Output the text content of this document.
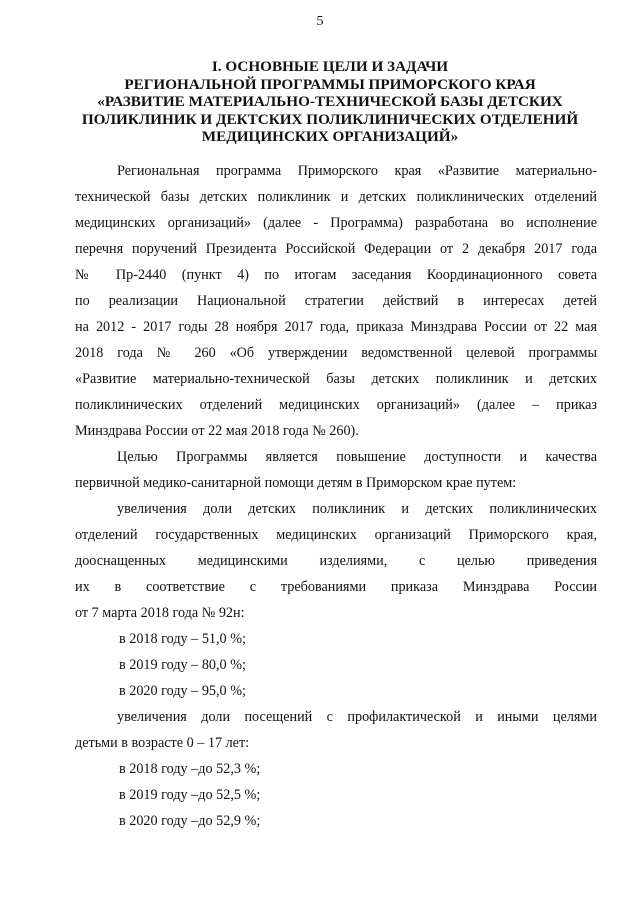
5
I. ОСНОВНЫЕ ЦЕЛИ И ЗАДАЧИ
РЕГИОНАЛЬНОЙ ПРОГРАММЫ ПРИМОРСКОГО КРАЯ
«РАЗВИТИЕ МАТЕРИАЛЬНО-ТЕХНИЧЕСКОЙ БАЗЫ ДЕТСКИХ
ПОЛИКЛИНИК И ДЕКТСКИХ ПОЛИКЛИНИЧЕСКИХ ОТДЕЛЕНИЙ
МЕДИЦИНСКИХ ОРГАНИЗАЦИЙ»
Региональная программа Приморского края «Развитие материально-
технической базы детских поликлиник и детских поликлинических отделений
медицинских организаций» (далее - Программа) разработана во исполнение
перечня поручений Президента Российской Федерации от 2 декабря 2017 года
№ Пр-2440 (пункт 4) по итогам заседания Координационного совета
по реализации Национальной стратегии действий в интересах детей
на 2012 - 2017 годы 28 ноября 2017 года, приказа Минздрава России от 22 мая
2018 года № 260 «Об утверждении ведомственной целевой программы
«Развитие материально-технической базы детских поликлиник и детских
поликлинических отделений медицинских организаций» (далее – приказ
Минздрава России от 22 мая 2018 года № 260).
Целью Программы является повышение доступности и качества
первичной медико-санитарной помощи детям в Приморском крае путем:
увеличения доли детских поликлиник и детских поликлинических
отделений государственных медицинских организаций Приморского края,
дооснащенных медицинскими изделиями, с целью приведения
их в соответствие с требованиями приказа Минздрава России
от 7 марта 2018 года № 92н:
в 2018 году – 51,0 %;
в 2019 году – 80,0 %;
в 2020 году – 95,0 %;
увеличения доли посещений с профилактической и иными целями
детьми в возрасте 0 – 17 лет:
в 2018 году –до 52,3 %;
в 2019 году –до 52,5 %;
в 2020 году –до 52,9 %;
